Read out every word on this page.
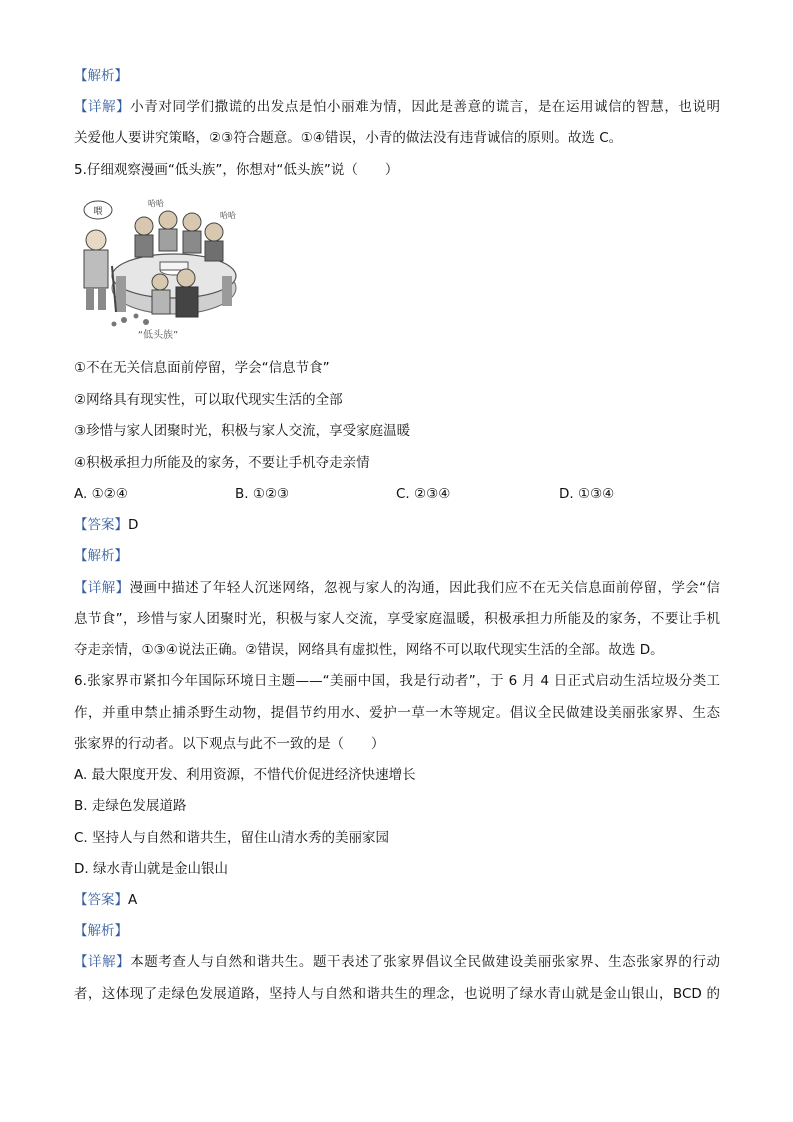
【解析】
【详解】小青对同学们撒谎的出发点是怕小丽难为情，因此是善意的谎言，是在运用诚信的智慧，也说明
关爱他人要讲究策略，②③符合题意。①④错误，小青的做法没有违背诚信的原则。故选 C。
5.仔细观察漫画“低头族”，你想对“低头族”说（　　）
喂
哈哈
哈哈
“低头族”
①不在无关信息面前停留，学会“信息节食”
②网络具有现实性，可以取代现实生活的全部
③珍惜与家人团聚时光，积极与家人交流，享受家庭温暖
④积极承担力所能及的家务，不要让手机夺走亲情
A. ①②④	B. ①②③	C. ②③④	D. ①③④
【答案】D
【解析】
【详解】漫画中描述了年轻人沉迷网络，忽视与家人的沟通，因此我们应不在无关信息面前停留，学会“信
息节食”，珍惜与家人团聚时光，积极与家人交流，享受家庭温暖，积极承担力所能及的家务，不要让手机
夺走亲情，①③④说法正确。②错误，网络具有虚拟性，网络不可以取代现实生活的全部。故选 D。
6.张家界市紧扣今年国际环境日主题——“美丽中国，我是行动者”，于 6 月 4 日正式启动生活垃圾分类工
作，并重申禁止捕杀野生动物，提倡节约用水、爱护一草一木等规定。倡议全民做建设美丽张家界、生态
张家界的行动者。以下观点与此不一致的是（　　）
A. 最大限度开发、利用资源，不惜代价促进经济快速增长
B. 走绿色发展道路
C. 坚持人与自然和谐共生，留住山清水秀的美丽家园
D. 绿水青山就是金山银山
【答案】A
【解析】
【详解】本题考查人与自然和谐共生。题干表述了张家界倡议全民做建设美丽张家界、生态张家界的行动
者，这体现了走绿色发展道路，坚持人与自然和谐共生的理念，也说明了绿水青山就是金山银山，BCD 的
